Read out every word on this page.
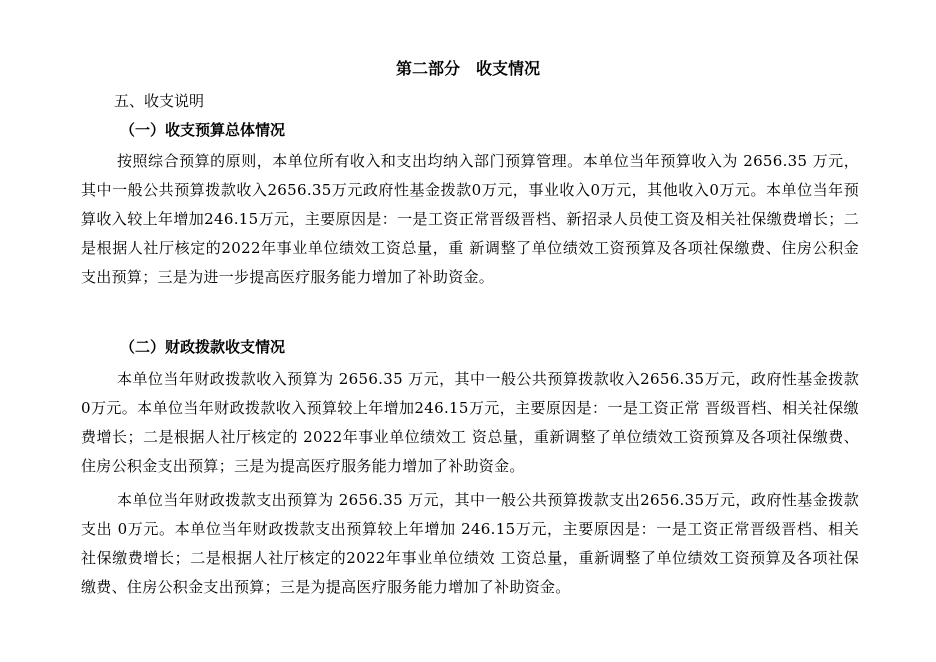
第二部分　收支情况
五、收支说明
（一）收支预算总体情况

按照综合预算的原则，本单位所有收入和支出均纳入部门预算管理。本单位当年预算收入为 2656.35 万元，其中一般公共预算拨款收入2656.35万元政府性基金拨款0万元，事业收入0万元，其他收入0万元。本单位当年预算收入较上年增加246.15万元，主要原因是：一是工资正常晋级晋档、新招录人员使工资及相关社保缴费增长；二是根据人社厅核定的2022年事业单位绩效工资总量，重 新调整了单位绩效工资预算及各项社保缴费、住房公积金支出预算；三是为进一步提高医疗服务能力增加了补助资金。

（二）财政拨款收支情况

本单位当年财政拨款收入预算为 2656.35 万元，其中一般公共预算拨款收入2656.35万元，政府性基金拨款 0万元。本单位当年财政拨款收入预算较上年增加246.15万元，主要原因是：一是工资正常 晋级晋档、相关社保缴费增长；二是根据人社厅核定的 2022年事业单位绩效工 资总量，重新调整了单位绩效工资预算及各项社保缴费、住房公积金支出预算；三是为提高医疗服务能力增加了补助资金。

本单位当年财政拨款支出预算为 2656.35 万元，其中一般公共预算拨款支出2656.35万元，政府性基金拨款支出 0万元。本单位当年财政拨款支出预算较上年增加 246.15万元，主要原因是：一是工资正常晋级晋档、相关社保缴费增长；二是根据人社厅核定的2022年事业单位绩效 工资总量，重新调整了单位绩效工资预算及各项社保缴费、住房公积金支出预算；三是为提高医疗服务能力增加了补助资金。
